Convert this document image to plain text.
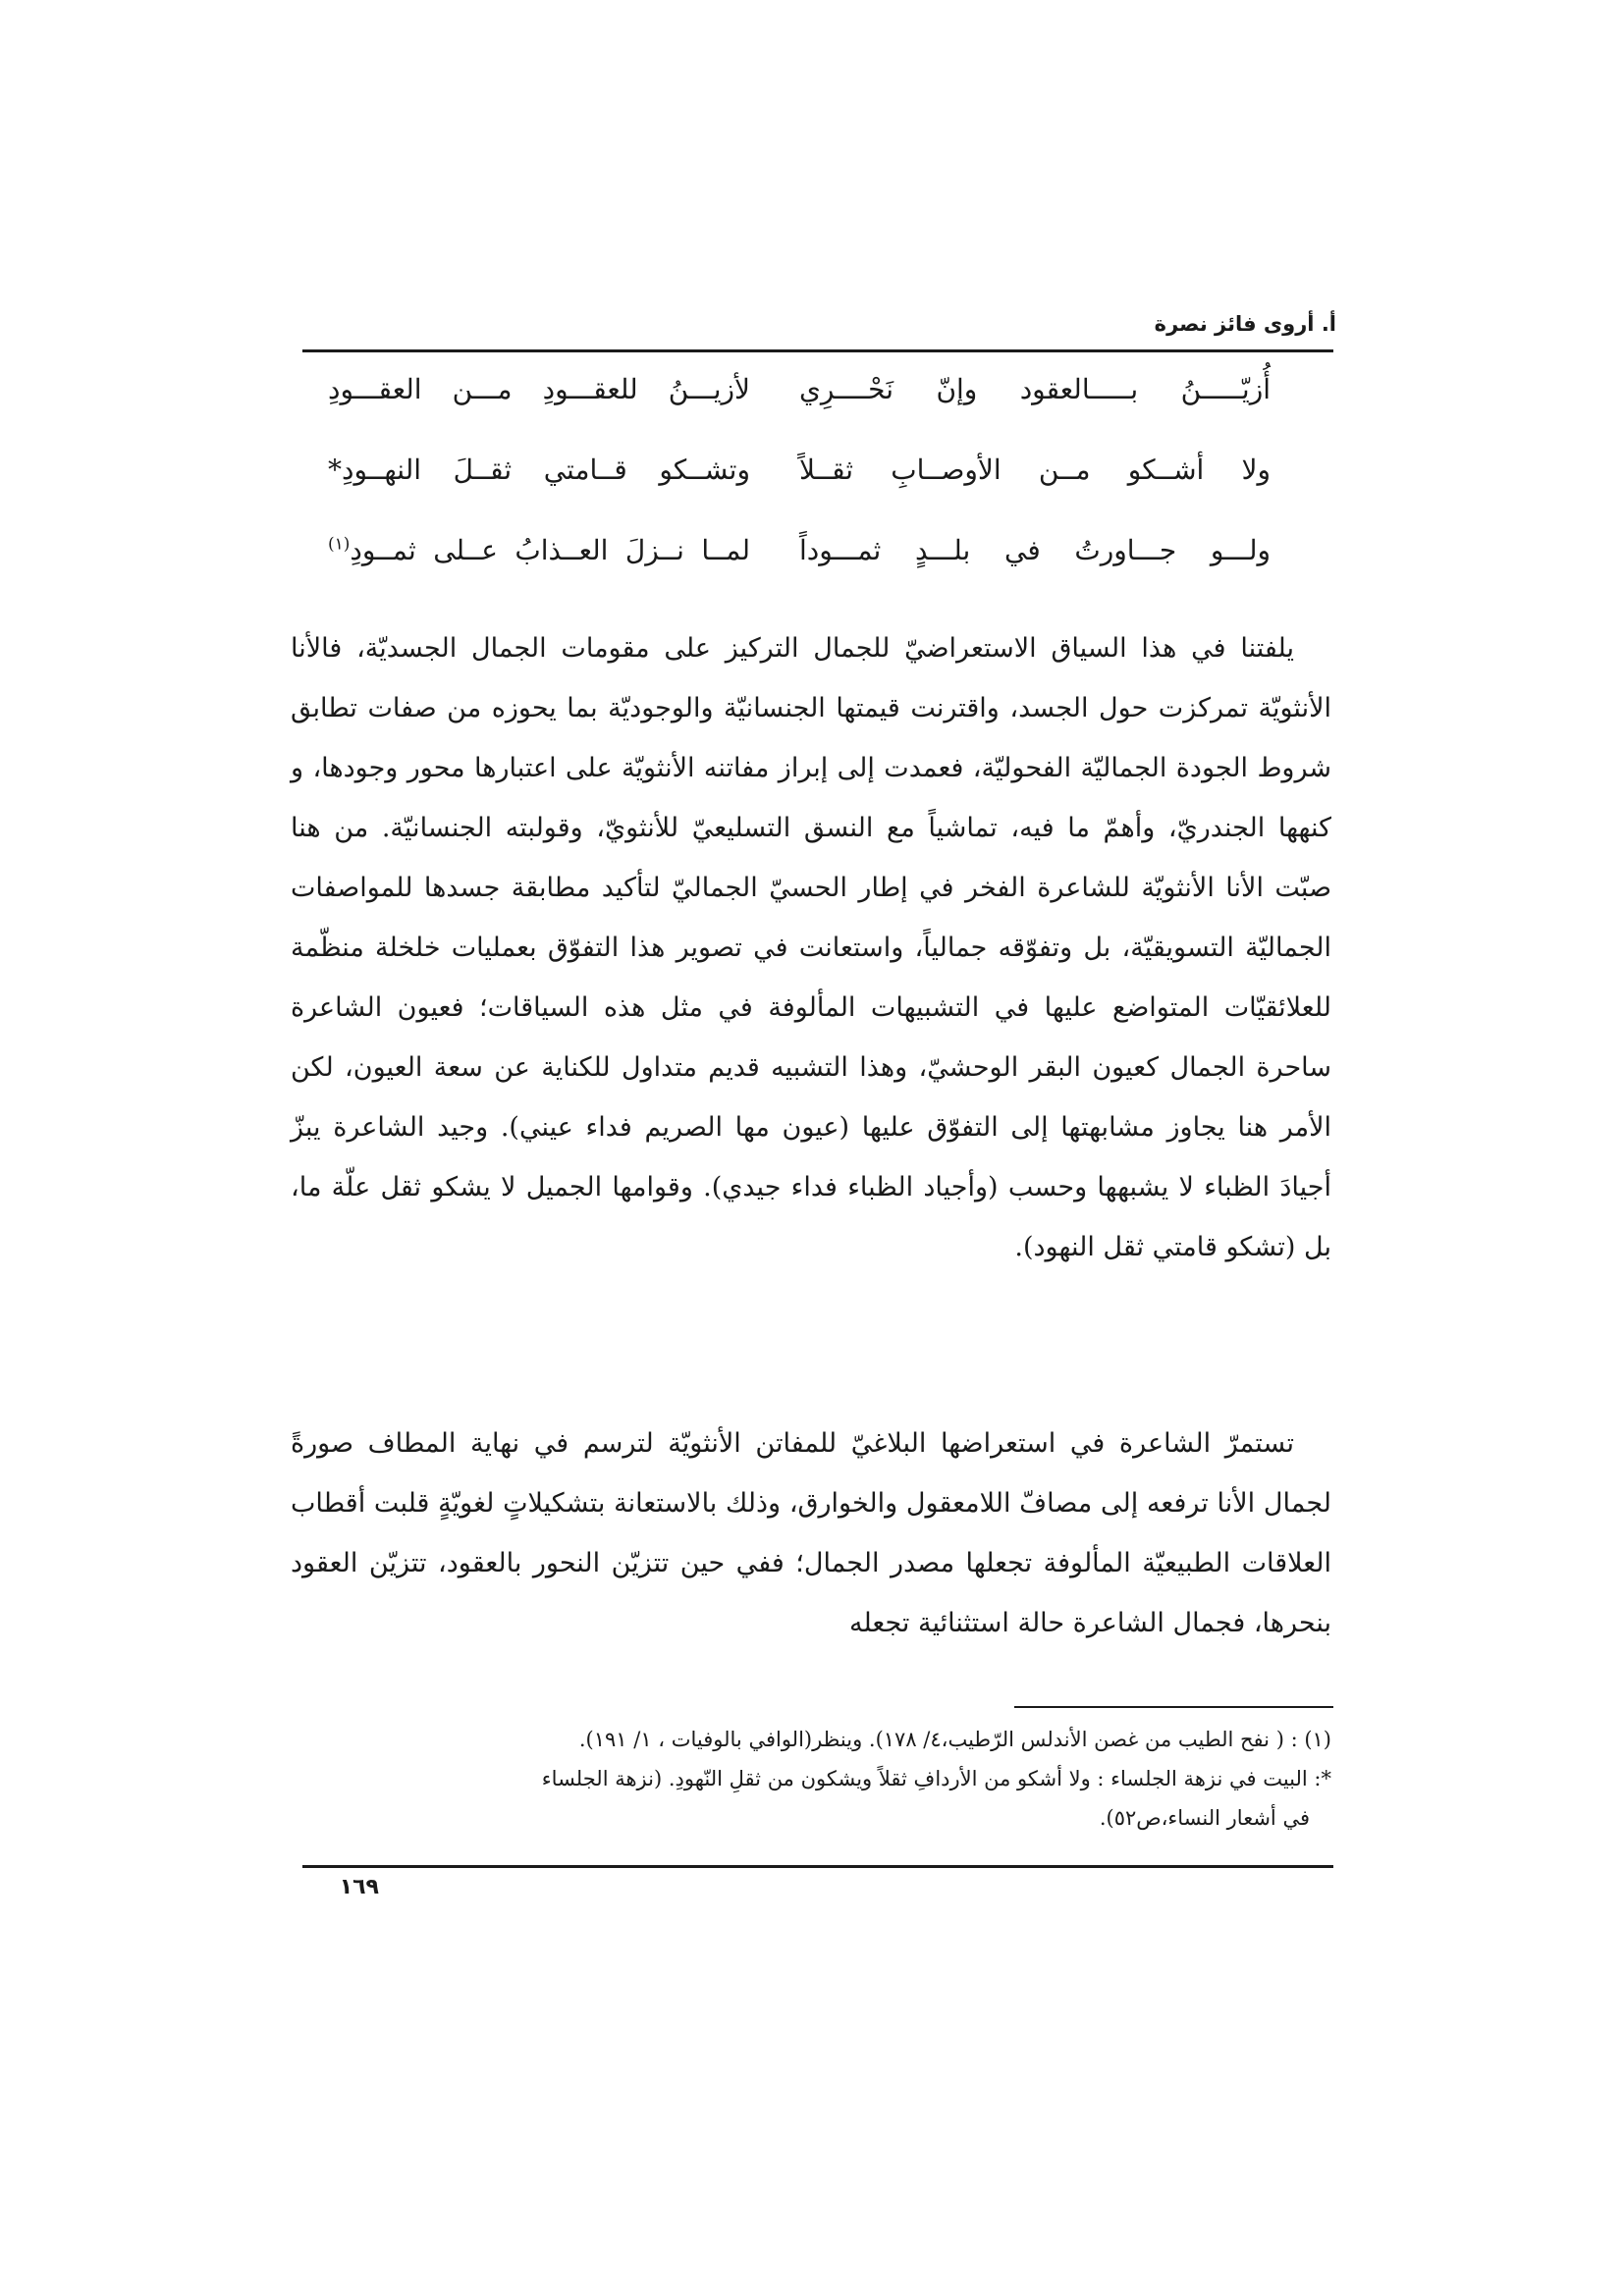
أ. أروى فائز نصرة
أُزيّـــــنُ بـــــالعقود وإنّ نَحْــــرِي
لأزيـــنُ للعقـــودِ مـــن العقـــودِ
ولا أشــكو مــن الأوصــابِ ثقــلاً
وتشــكو قــامتي ثقــلَ النهــودِ*
ولـــو جـــاورتُ في بلـــدٍ ثمـــوداً
لمــا نــزلَ العــذابُ عــلى ثمــودِ$^{(١)}$

يلفتنا في هذا السياق الاستعراضيّ للجمال التركيز على مقومات الجمال الجسديّة، فالأنا الأنثويّة تمركزت حول الجسد، واقترنت قيمتها الجنسانيّة والوجوديّة بما يحوزه من صفات تطابق شروط الجودة الجماليّة الفحوليّة، فعمدت إلى إبراز مفاتنه الأنثويّة على اعتبارها محور وجودها، و كنهها الجندريّ، وأهمّ ما فيه، تماشياً مع النسق التسليعيّ للأنثويّ، وقولبته الجنسانيّة. من هنا صبّت الأنا الأنثويّة للشاعرة الفخر في إطار الحسيّ الجماليّ لتأكيد مطابقة جسدها للمواصفات الجماليّة التسويقيّة، بل وتفوّقه جمالياً، واستعانت في تصوير هذا التفوّق بعمليات خلخلة منظّمة للعلائقيّات المتواضع عليها في التشبيهات المألوفة في مثل هذه السياقات؛ فعيون الشاعرة ساحرة الجمال كعيون البقر الوحشيّ، وهذا التشبيه قديم متداول للكناية عن سعة العيون، لكن الأمر هنا يجاوز مشابهتها إلى التفوّق عليها (عيون مها الصريم فداء عيني). وجيد الشاعرة يبزّ أجيادَ الظباء لا يشبهها وحسب (وأجياد الظباء فداء جيدي). وقوامها الجميل لا يشكو ثقل علّة ما، بل (تشكو قامتي ثقل النهود).

تستمرّ الشاعرة في استعراضها البلاغيّ للمفاتن الأنثويّة لترسم في نهاية المطاف صورةً لجمال الأنا ترفعه إلى مصافّ اللامعقول والخوارق، وذلك بالاستعانة بتشكيلاتٍ لغويّةٍ قلبت أقطاب العلاقات الطبيعيّة المألوفة تجعلها مصدر الجمال؛ ففي حين تتزيّن النحور بالعقود، تتزيّن العقود بنحرها، فجمال الشاعرة حالة استثنائية تجعله

(١) : ( نفح الطيب من غصن الأندلس الرّطيب،٤/ ١٧٨). وينظر(الوافي بالوفيات ، ١/ ١٩١).

*: البيت في نزهة الجلساء : ولا أشكو من الأردافِ ثقلاً ويشكون من ثقلِ النّهودِ. (نزهة الجلساء

في أشعار النساء،ص٥٢).

١٦٩
